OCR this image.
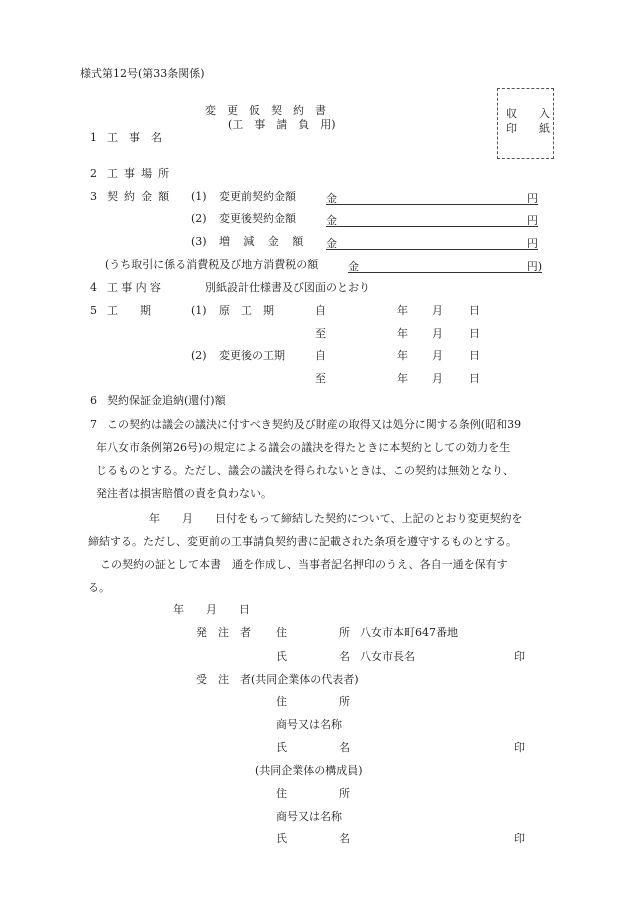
様式第12号(第33条関係)
変　更　仮　契　約　書
(工　事　請　負　用)
収　　入
印　　紙
1 工　事　名
2 工事場所
3 契約金額 (1) 変更前契約金額	金	円
(2) 変更後契約金額	金	円
(3) 増 減 金 額 金	円
(うち取引に係る消費税及び地方消費税の額	金	円)
4 工事内容	別紙設計仕様書及び図面のとおり
5 工　　期	(1) 原　工　期	自	年 月 日
至	年 月 日
(2) 変更後の工期	自	年 月 日
至	年 月 日
6 契約保証金追納(還付)額
7 この契約は議会の議決に付すべき契約及び財産の取得又は処分に関する条例(昭和39
年八女市条例第26号)の規定による議会の議決を得たときに本契約としての効力を生
じるものとする。ただし、議会の議決を得られないときは、この契約は無効となり、
発注者は損害賠償の責を負わない。
年　　月　　日付をもって締結した契約について、上記のとおり変更契約を
締結する。ただし、変更前の工事請負契約書に記載された条項を遵守するものとする。
この契約の証として本書　通を作成し、当事者記名押印のうえ、各自一通を保有す
る。
年　　月　　日
発　注　者 住	所 八女市本町647番地
氏	名 八女市長名	印
受　注　者(共同企業体の代表者)
住	所
商号又は名称
氏	名	印
(共同企業体の構成員)
住	所
商号又は名称
氏	名	印
